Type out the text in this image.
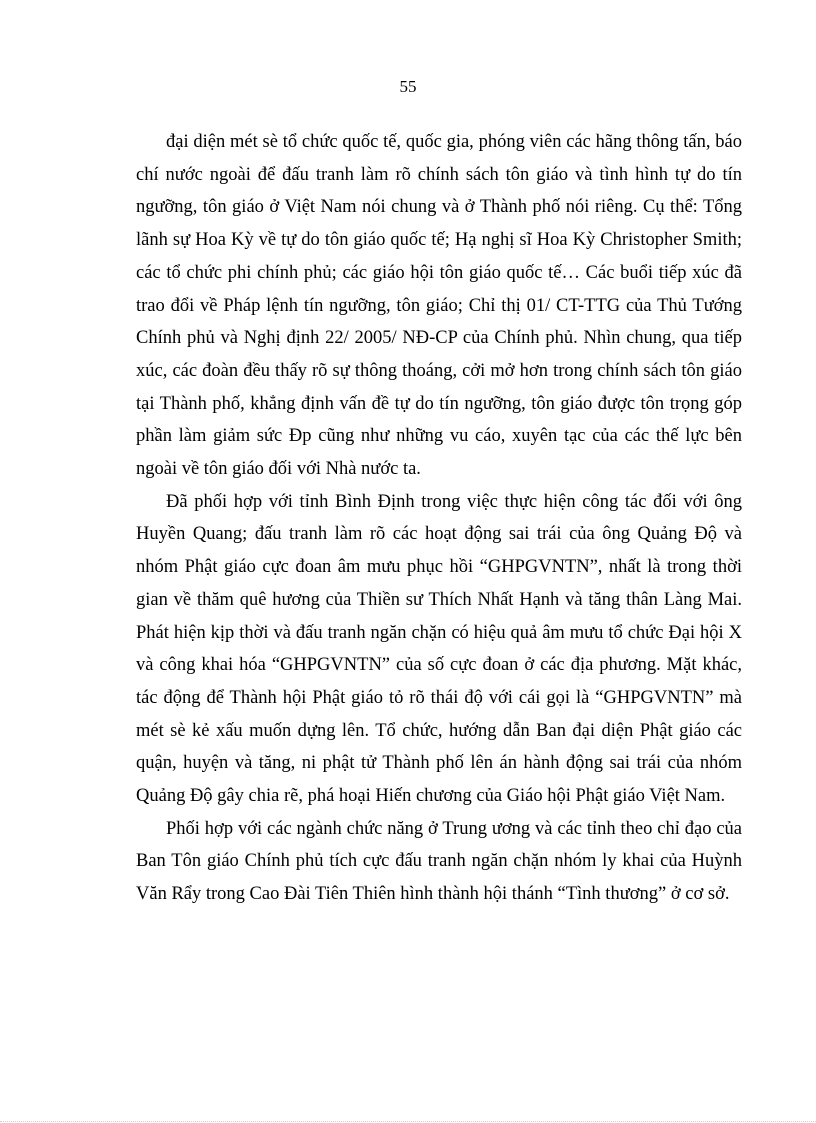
55

đại diện mét sè tổ chức quốc tế, quốc gia, phóng viên các hãng thông tấn, báo chí nước ngoài để đấu tranh làm rõ chính sách tôn giáo và tình hình tự do tín ngưỡng, tôn giáo ở Việt Nam nói chung và ở Thành phố nói riêng. Cụ thể: Tổng lãnh sự Hoa Kỳ về tự do tôn giáo quốc tế; Hạ nghị sĩ Hoa Kỳ Christopher Smith; các tổ chức phi chính phủ; các giáo hội tôn giáo quốc tế… Các buổi tiếp xúc đã trao đổi về Pháp lệnh tín ngưỡng, tôn giáo; Chỉ thị 01/ CT-TTG của Thủ Tướng Chính phủ và Nghị định 22/ 2005/ NĐ-CP của Chính phủ. Nhìn chung, qua tiếp xúc, các đoàn đều thấy rõ sự thông thoáng, cởi mở hơn trong chính sách tôn giáo tại Thành phố, khẳng định vấn đề tự do tín ngưỡng, tôn giáo được tôn trọng góp phần làm giảm sức Ðp cũng như những vu cáo, xuyên tạc của các thế lực bên ngoài về tôn giáo đối với Nhà nước ta.

Đã phối hợp với tỉnh Bình Định trong việc thực hiện công tác đối với ông Huyền Quang; đấu tranh làm rõ các hoạt động sai trái của ông Quảng Độ và nhóm Phật giáo cực đoan âm mưu phục hồi “GHPGVNTN”, nhất là trong thời gian về thăm quê hương của Thiền sư Thích Nhất Hạnh và tăng thân Làng Mai. Phát hiện kịp thời và đấu tranh ngăn chặn có hiệu quả âm mưu tổ chức Đại hội X và công khai hóa “GHPGVNTN” của số cực đoan ở các địa phương. Mặt khác, tác động để Thành hội Phật giáo tỏ rõ thái độ với cái gọi là “GHPGVNTN” mà mét sè kẻ xấu muốn dựng lên. Tổ chức, hướng dẫn Ban đại diện Phật giáo các quận, huyện và tăng, ni phật tử Thành phố lên án hành động sai trái của nhóm Quảng Độ gây chia rẽ, phá hoại Hiến chương của Giáo hội Phật giáo Việt Nam.

Phối hợp với các ngành chức năng ở Trung ương và các tỉnh theo chỉ đạo của Ban Tôn giáo Chính phủ tích cực đấu tranh ngăn chặn nhóm ly khai của Huỳnh Văn Rẩy trong Cao Đài Tiên Thiên hình thành hội thánh “Tình thương” ở cơ sở.
